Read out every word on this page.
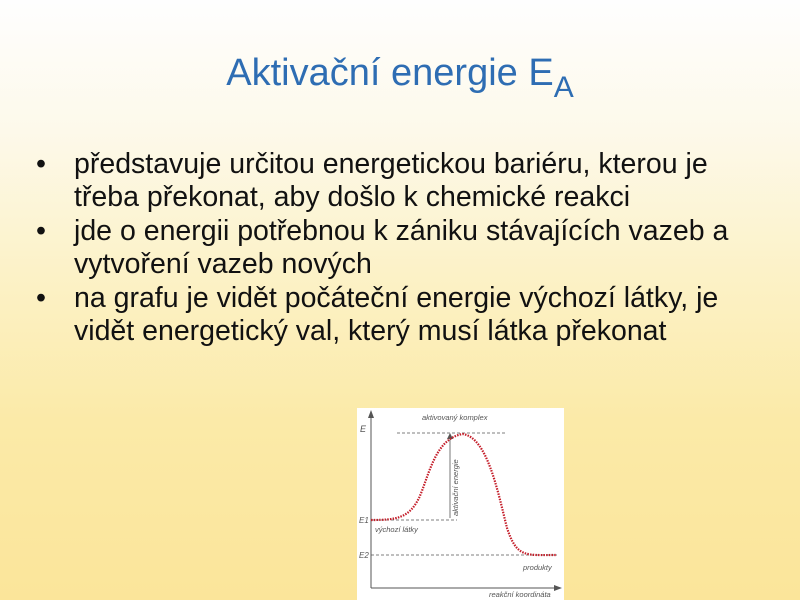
Aktivační energie $E_A$
• představuje určitou energetickou bariéru, kterou je třeba překonat, aby došlo k chemické reakci
• jde o energii potřebnou k zániku stávajících vazeb a vytvoření vazeb nových
• na grafu je vidět počáteční energie výchozí látky, je vidět energetický val, který musí látka překonat
E
E1
E2
aktivovaný komplex
aktivační energie
výchozí látky
produkty
reakční koordináta
